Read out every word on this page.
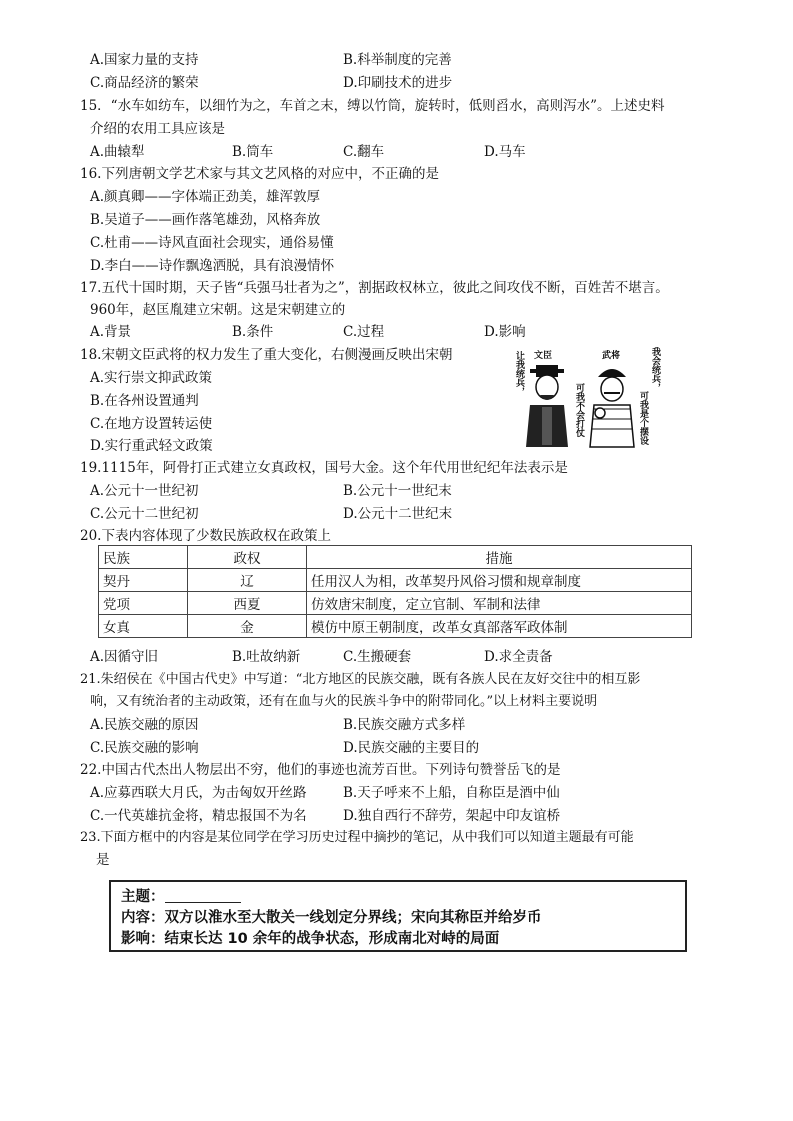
A.国家力量的支持	B.科举制度的完善
C.商品经济的繁荣	D.印刷技术的进步
15．“水车如纺车，以细竹为之，车首之末，缚以竹筒，旋转时，低则舀水，高则泻水”。上述史料
介绍的农用工具应该是
A.曲辕犁	B.筒车	C.翻车	D.马车
16.下列唐朝文学艺术家与其文艺风格的对应中，不正确的是
A.颜真卿——字体端正劲美，雄浑敦厚
B.吴道子——画作落笔雄劲，风格奔放
C.杜甫——诗风直面社会现实，通俗易懂
D.李白——诗作飘逸洒脱，具有浪漫情怀
17.五代十国时期，天子皆“兵强马壮者为之”，割据政权林立，彼此之间攻伐不断，百姓苦不堪言。
960年，赵匡胤建立宋朝。这是宋朝建立的
A.背景	B.条件	C.过程	D.影响
18.宋朝文臣武将的权力发生了重大变化，右侧漫画反映出宋朝
A.实行崇文抑武政策
B.在各州设置通判
C.在地方设置转运使
D.实行重武轻文政策
文臣	武将
让我统兵，
可我不会打仗
我会统兵，
可我是个摆设
19.1115年，阿骨打正式建立女真政权，国号大金。这个年代用世纪纪年法表示是
A.公元十一世纪初	B.公元十一世纪末
C.公元十二世纪初	D.公元十二世纪末
20.下表内容体现了少数民族政权在政策上
民族	政权	措施
契丹	辽	任用汉人为相，改革契丹风俗习惯和规章制度
党项	西夏	仿效唐宋制度，定立官制、军制和法律
女真	金	模仿中原王朝制度，改革女真部落军政体制
A.因循守旧	B.吐故纳新	C.生搬硬套	D.求全责备
21.朱绍侯在《中国古代史》中写道：“北方地区的民族交融，既有各族人民在友好交往中的相互影
响，又有统治者的主动政策，还有在血与火的民族斗争中的附带同化。”以上材料主要说明
A.民族交融的原因	B.民族交融方式多样
C.民族交融的影响	D.民族交融的主要目的
22.中国古代杰出人物层出不穷，他们的事迹也流芳百世。下列诗句赞誉岳飞的是
A.应募西联大月氏，为击匈奴开丝路	B.天子呼来不上船，自称臣是酒中仙
C.一代英雄抗金将，精忠报国不为名	D.独自西行不辞劳，架起中印友谊桥
23.下面方框中的内容是某位同学在学习历史过程中摘抄的笔记，从中我们可以知道主题最有可能
是
主题：
内容：双方以淮水至大散关一线划定分界线；宋向其称臣并给岁币
影响：结束长达 10 余年的战争状态，形成南北对峙的局面
